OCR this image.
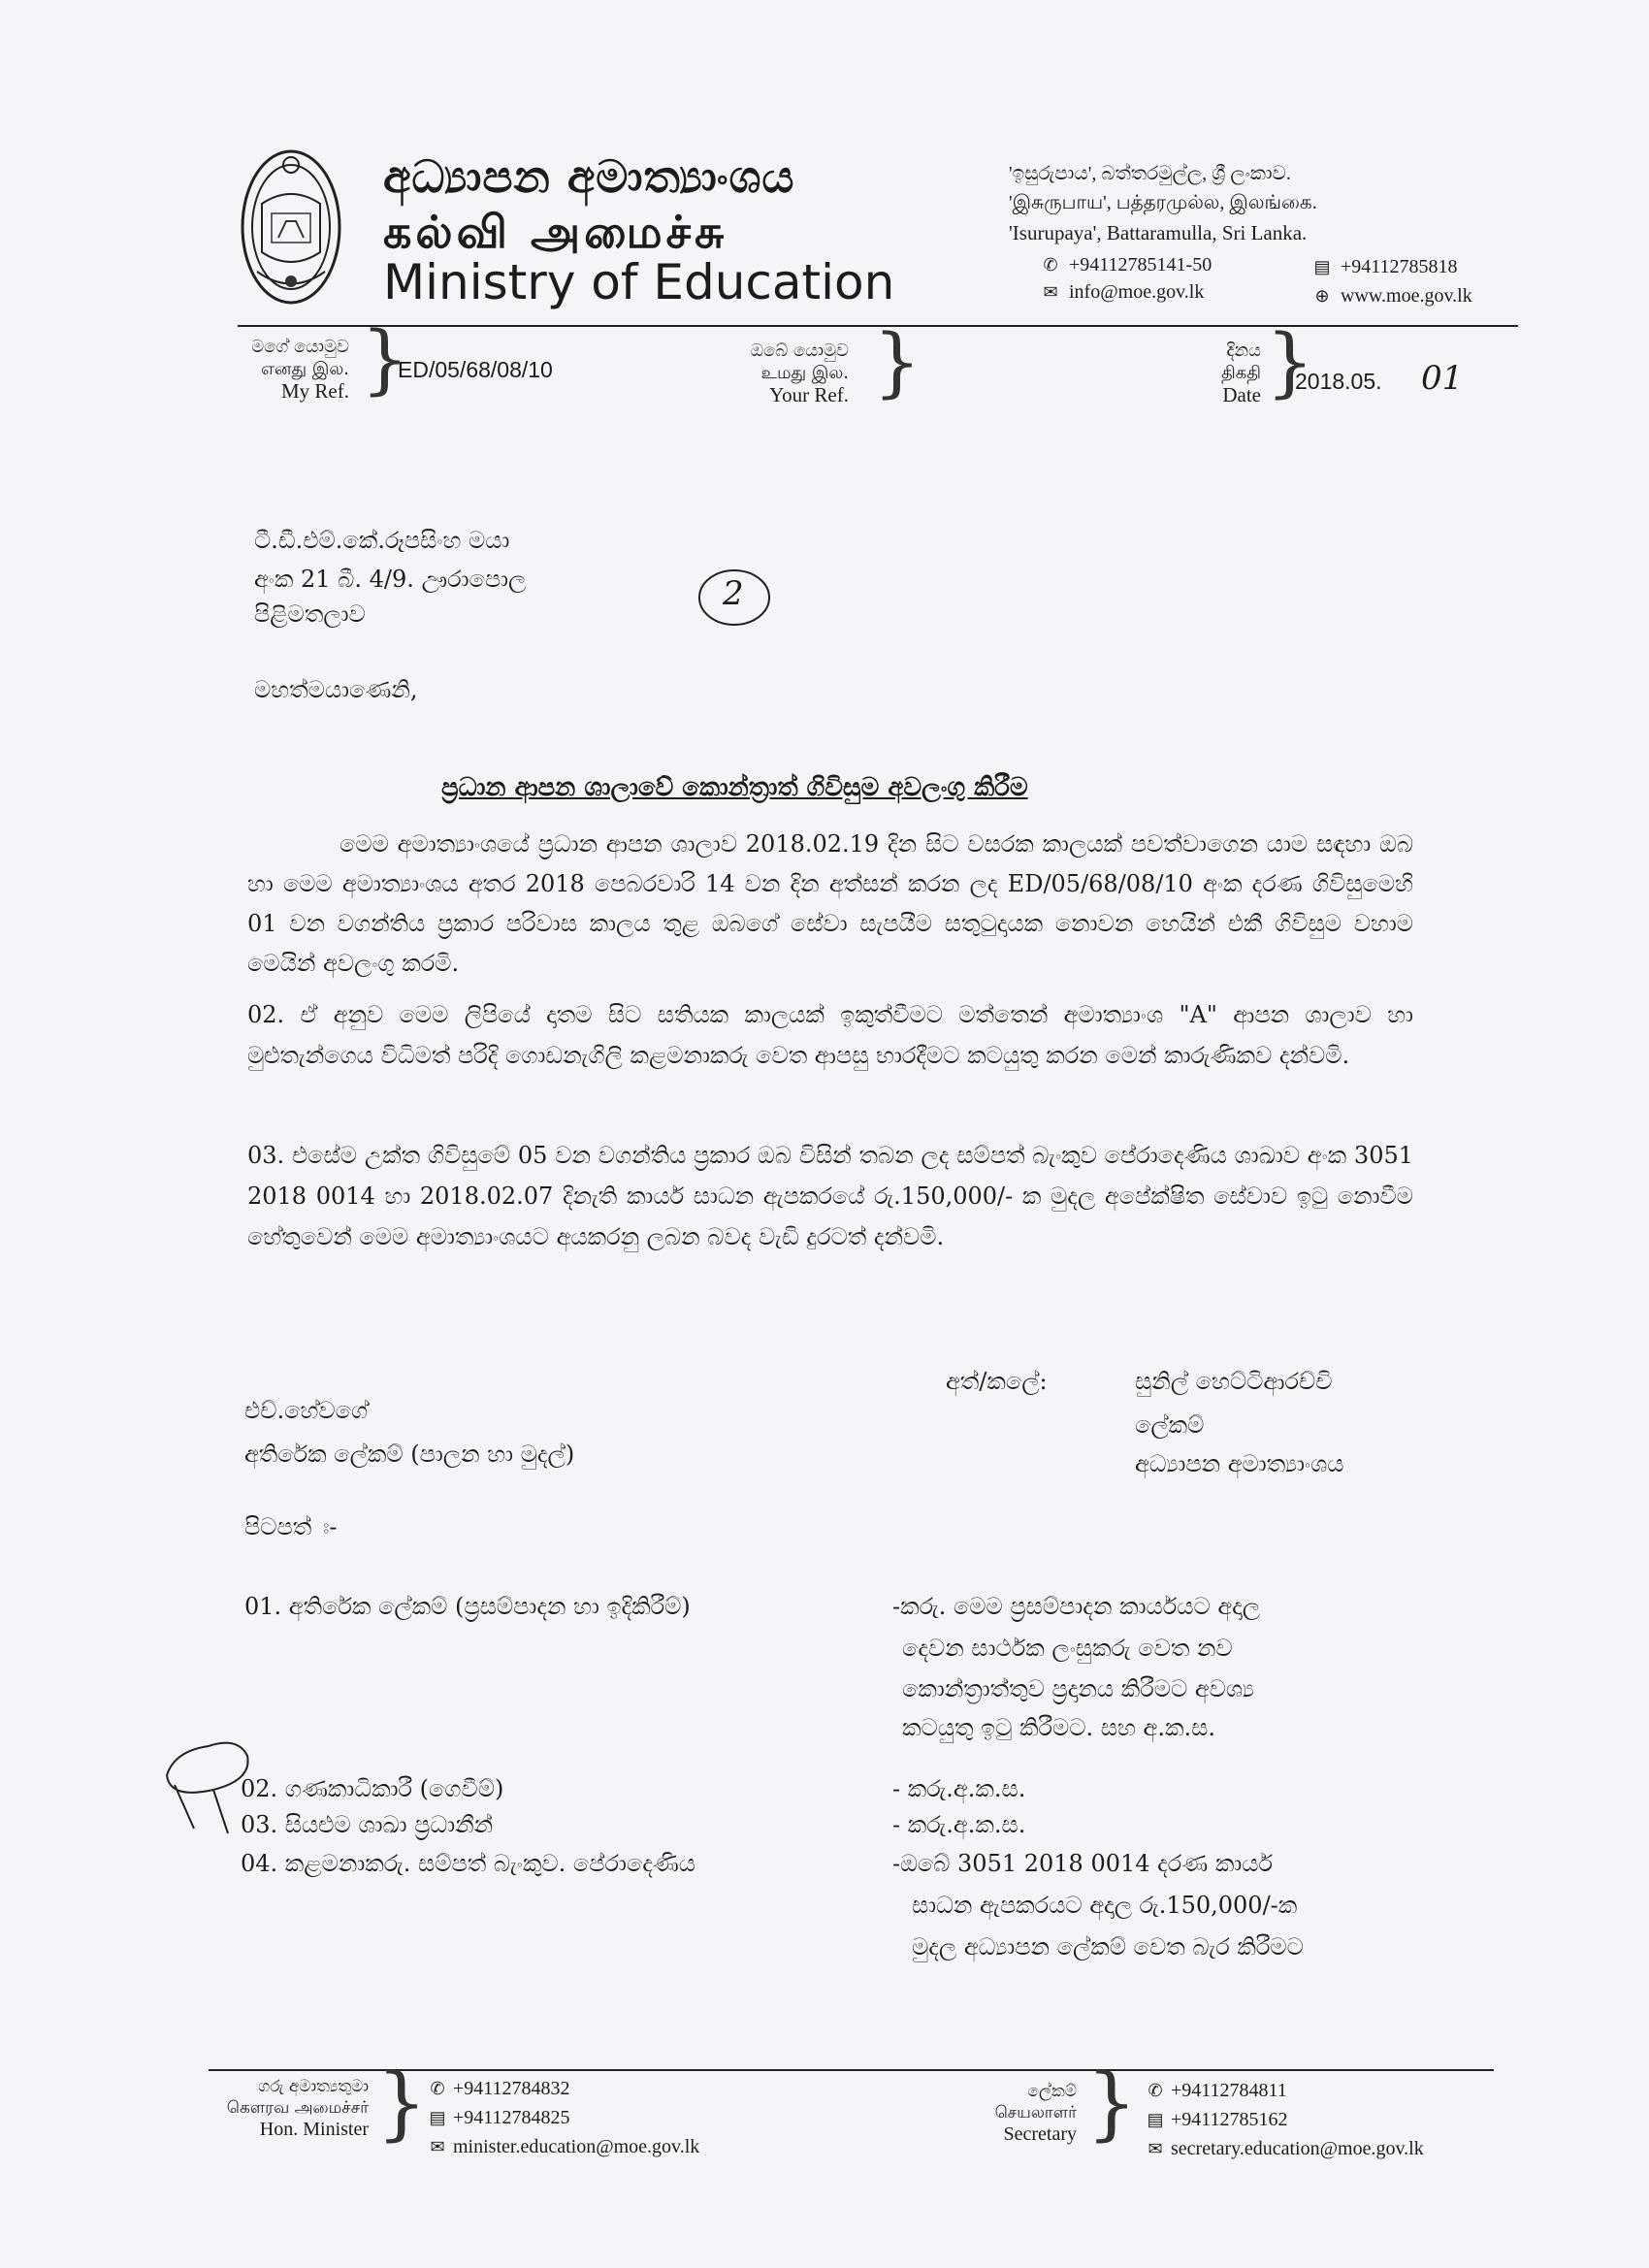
අධ්‍යාපන අමාත්‍යාංශය
கல்வி அமைச்சு
Ministry of Education
'ඉසුරුපාය', බත්තරමුල්ල, ශ්‍රී ලංකාව.
'இசுருபாய', பத்தரமுல்ல, இலங்கை.
'Isurupaya', Battaramulla, Sri Lanka.
✆ +94112785141-50	▤ +94112785818
✉ info@moe.gov.lk	⊕ www.moe.gov.lk
මගේ යොමුව
எனது இல.
My Ref. }
ED/05/68/08/10
ඔබේ යොමුව
உமது இல.
Your Ref. }	දිනය
திகதி
Date }
2018.05. 01
ටී.ඩී.එම්.කේ.රූපසිංහ මයා
අංක 21 බී. 4/9. ඌරාපොල
පිළිමතලාව
2
මහත්මයාණෙනි,
ප්‍රධාන ආපන ශාලාවේ කොන්ත්‍රාත් ගිවිසුම අවලංගු කිරීම
මෙම අමාත්‍යාංශයේ ප්‍රධාන ආපන ශාලාව 2018.02.19 දින සිට වසරක කාලයක් පවත්වාගෙන යාම සඳහා ඔබ හා මෙම අමාත්‍යාංශය අතර 2018 පෙබරවාරි 14 වන දින අත්සන් කරන ලද ED/05/68/08/10 අංක දරණ ගිවිසුමෙහි 01 වන වගන්තිය ප්‍රකාර පරිවාස කාලය තුළ ඔබගේ සේවා සැපයීම සතුටුදායක නොවන හෙයින් එකී ගිවිසුම වහාම මෙයින් අවලංගු කරමි.
02. ඒ අනුව මෙම ලිපියේ දාතම සිට සතියක කාලයක් ඉකුත්වීමට මත්තෙන් අමාත්‍යාංශ "A" ආපන ශාලාව හා මුළුතැන්ගෙය විධිමත් පරිදි ගොඩනැගිලි කළමනාකරු වෙත ආපසු භාරදීමට කටයුතු කරන මෙන් කාරුණිකව දන්වමි.
03. එසේම උක්ත ගිවිසුමේ 05 වන වගන්තිය ප්‍රකාර ඔබ විසින් තබන ලද සම්පත් බැංකුව පේරාදෙණිය ශාඛාව අංක 3051 2018 0014 හා 2018.02.07 දිනැති කාර්ය සාධන ඇපකරයේ රු.150,000/- ක මුදල අපේක්ෂිත සේවාව ඉටු නොවීම හේතුවෙන් මෙම අමාත්‍යාංශයට අයකරනු ලබන බවද වැඩි දුරටත් දන්වමි.
අත්/කලේ:	සුනිල් හෙට්ටිආරච්චි
ලේකම්
අධ්‍යාපන අමාත්‍යාංශය
එච්.හේවගේ
අතිරේක ලේකම් (පාලන හා මුදල්)
පිටපත් ඃ-
01. අතිරේක ලේකම් (ප්‍රසම්පාදන හා ඉදිකිරීම්)	-කරු. මෙම ප්‍රසම්පාදන කාර්යයට අදාල
දෙවන සාර්ථක ලංසුකරු වෙත නව
කොන්ත්‍රාත්තුව ප්‍රදානය කිරීමට අවශ්‍ය
කටයුතු ඉටු කිරීමට. සහ අ.ක.ස.
02. ගණකාධිකාරී (ගෙවීම්)	- කරු.අ.ක.ස.
03. සියළුම ශාඛා ප්‍රධානීන්	- කරු.අ.ක.ස.
04. කළමනාකරු. සම්පත් බැංකුව. පේරාදෙණිය	-ඔබේ 3051 2018 0014 දරණ කාර්ය
සාධන ඇපකරයට අදාල රු.150,000/-ක
මුදල අධ්‍යාපන ලේකම් වෙත බැර කිරීමට
ගරු අමාත්‍යතුමා
கௌரவ அமைச்சர்
Hon. Minister } ✆ +94112784832
▤ +94112784825
✉ minister.education@moe.gov.lk
ලේකම්
செயலாளர்
Secretary } ✆ +94112784811
▤ +94112785162
✉ secretary.education@moe.gov.lk
